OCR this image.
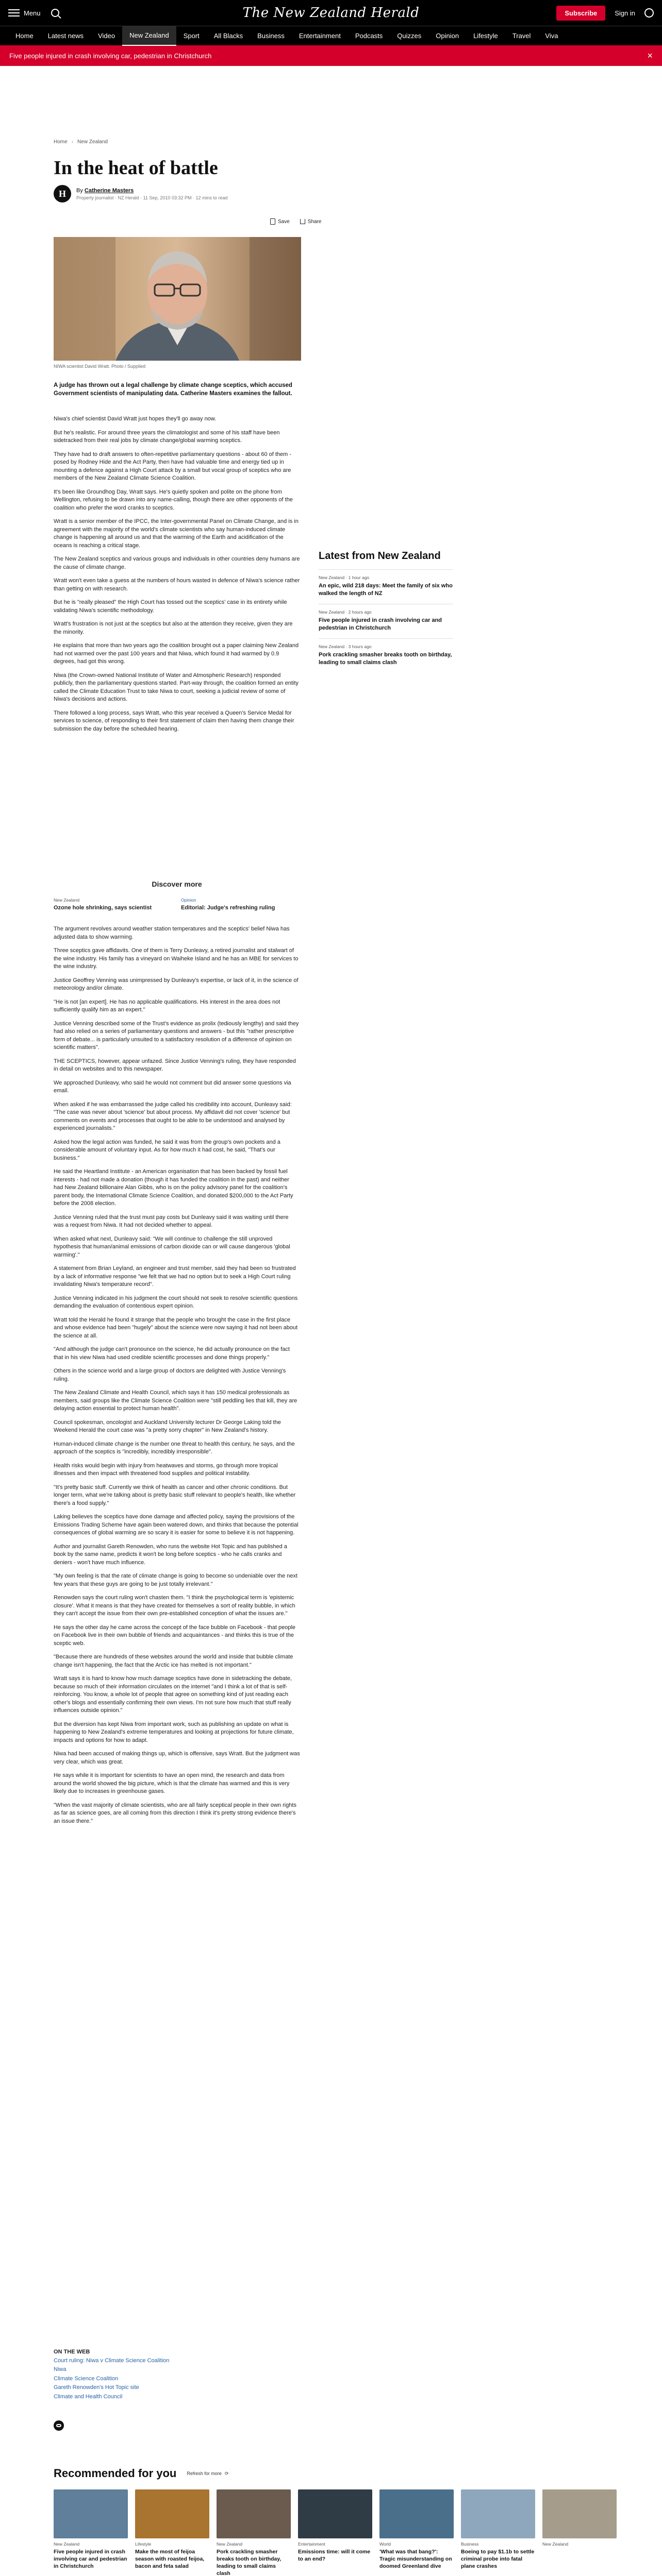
Menu	The New Zealand Herald	Subscribe	Sign in
Home	Latest news	Video	New Zealand	Sport	All Blacks	Business	Entertainment	Podcasts	Quizzes	Opinion	Lifestyle	Travel	Viva
Five people injured in crash involving car, pedestrian in Christchurch	×
Home › New Zealand
In the heat of battle
H	By Catherine Masters
Property journalist · NZ Herald · 11 Sep, 2010 03:32 PM · 12 mins to read
Save	Share
NIWA scientist David Wratt. Photo / Supplied

A judge has thrown out a legal challenge by climate change sceptics, which accused Government scientists of manipulating data. Catherine Masters examines the fallout.

Niwa's chief scientist David Wratt just hopes they'll go away now.

But he's realistic. For around three years the climatologist and some of his staff have been sidetracked from their real jobs by climate change/global warming sceptics.

They have had to draft answers to often-repetitive parliamentary questions - about 60 of them - posed by Rodney Hide and the Act Party, then have had valuable time and energy tied up in mounting a defence against a High Court attack by a small but vocal group of sceptics who are members of the New Zealand Climate Science Coalition.

It's been like Groundhog Day, Wratt says. He's quietly spoken and polite on the phone from Wellington, refusing to be drawn into any name-calling, though there are other opponents of the coalition who prefer the word cranks to sceptics.

Wratt is a senior member of the IPCC, the Inter-governmental Panel on Climate Change, and is in agreement with the majority of the world's climate scientists who say human-induced climate change is happening all around us and that the warming of the Earth and acidification of the oceans is reaching a critical stage.

The New Zealand sceptics and various groups and individuals in other countries deny humans are the cause of climate change.

Wratt won't even take a guess at the numbers of hours wasted in defence of Niwa's science rather than getting on with research.

But he is "really pleased" the High Court has tossed out the sceptics' case in its entirety while validating Niwa's scientific methodology.

Wratt's frustration is not just at the sceptics but also at the attention they receive, given they are the minority.

He explains that more than two years ago the coalition brought out a paper claiming New Zealand had not warmed over the past 100 years and that Niwa, which found it had warmed by 0.9 degrees, had got this wrong.

Niwa (the Crown-owned National Institute of Water and Atmospheric Research) responded publicly, then the parliamentary questions started. Part-way through, the coalition formed an entity called the Climate Education Trust to take Niwa to court, seeking a judicial review of some of Niwa's decisions and actions.

There followed a long process, says Wratt, who this year received a Queen's Service Medal for services to science, of responding to their first statement of claim then having them change their submission the day before the scheduled hearing.

Latest from New Zealand
New Zealand · 1 hour ago

An epic, wild 218 days: Meet the family of six who walked the length of NZ

New Zealand · 2 hours ago

Five people injured in crash involving car and pedestrian in Christchurch

New Zealand · 3 hours ago

Pork crackling smasher breaks tooth on birthday, leading to small claims clash

Discover more
New Zealand

Ozone hole shrinking, says scientist

Opinion

Editorial: Judge's refreshing ruling

The argument revolves around weather station temperatures and the sceptics' belief Niwa has adjusted data to show warming.

Three sceptics gave affidavits. One of them is Terry Dunleavy, a retired journalist and stalwart of the wine industry. His family has a vineyard on Waiheke Island and he has an MBE for services to the wine industry.

Justice Geoffrey Venning was unimpressed by Dunleavy's expertise, or lack of it, in the science of meteorology and/or climate.

"He is not [an expert]. He has no applicable qualifications. His interest in the area does not sufficiently qualify him as an expert."

Justice Venning described some of the Trust's evidence as prolix (tediously lengthy) and said they had also relied on a series of parliamentary questions and answers - but this "rather prescriptive form of debate... is particularly unsuited to a satisfactory resolution of a difference of opinion on scientific matters".

THE SCEPTICS, however, appear unfazed. Since Justice Venning's ruling, they have responded in detail on websites and to this newspaper.

We approached Dunleavy, who said he would not comment but did answer some questions via email.

When asked if he was embarrassed the judge called his credibility into account, Dunleavy said: "The case was never about 'science' but about process. My affidavit did not cover 'science' but comments on events and processes that ought to be able to be understood and analysed by experienced journalists."

Asked how the legal action was funded, he said it was from the group's own pockets and a considerable amount of voluntary input. As for how much it had cost, he said, "That's our business."

He said the Heartland Institute - an American organisation that has been backed by fossil fuel interests - had not made a donation (though it has funded the coalition in the past) and neither had New Zealand billionaire Alan Gibbs, who is on the policy advisory panel for the coalition's parent body, the International Climate Science Coalition, and donated $200,000 to the Act Party before the 2008 election.

Justice Venning ruled that the trust must pay costs but Dunleavy said it was waiting until there was a request from Niwa. It had not decided whether to appeal.

When asked what next, Dunleavy said: "We will continue to challenge the still unproved hypothesis that human/animal emissions of carbon dioxide can or will cause dangerous 'global warming'."

A statement from Brian Leyland, an engineer and trust member, said they had been so frustrated by a lack of informative response "we felt that we had no option but to seek a High Court ruling invalidating Niwa's temperature record".

Justice Venning indicated in his judgment the court should not seek to resolve scientific questions demanding the evaluation of contentious expert opinion.

Wratt told the Herald he found it strange that the people who brought the case in the first place and whose evidence had been "hugely" about the science were now saying it had not been about the science at all.

"And although the judge can't pronounce on the science, he did actually pronounce on the fact that in his view Niwa had used credible scientific processes and done things properly."

Others in the science world and a large group of doctors are delighted with Justice Venning's ruling.

The New Zealand Climate and Health Council, which says it has 150 medical professionals as members, said groups like the Climate Science Coalition were "still peddling lies that kill, they are delaying action essential to protect human health".

Council spokesman, oncologist and Auckland University lecturer Dr George Laking told the Weekend Herald the court case was "a pretty sorry chapter" in New Zealand's history.

Human-induced climate change is the number one threat to health this century, he says, and the approach of the sceptics is "incredibly, incredibly irresponsible".

Health risks would begin with injury from heatwaves and storms, go through more tropical illnesses and then impact with threatened food supplies and political instability.

"It's pretty basic stuff. Currently we think of health as cancer and other chronic conditions. But longer term, what we're talking about is pretty basic stuff relevant to people's health, like whether there's a food supply."

Laking believes the sceptics have done damage and affected policy, saying the provisions of the Emissions Trading Scheme have again been watered down, and thinks that because the potential consequences of global warming are so scary it is easier for some to believe it is not happening.

Author and journalist Gareth Renowden, who runs the website Hot Topic and has published a book by the same name, predicts it won't be long before sceptics - who he calls cranks and deniers - won't have much influence.

"My own feeling is that the rate of climate change is going to become so undeniable over the next few years that these guys are going to be just totally irrelevant."

Renowden says the court ruling won't chasten them. "I think the psychological term is 'epistemic closure'. What it means is that they have created for themselves a sort of reality bubble, in which they can't accept the issue from their own pre-established conception of what the issues are."

He says the other day he came across the concept of the face bubble on Facebook - that people on Facebook live in their own bubble of friends and acquaintances - and thinks this is true of the sceptic web.

"Because there are hundreds of these websites around the world and inside that bubble climate change isn't happening, the fact that the Arctic ice has melted is not important."

Wratt says it is hard to know how much damage sceptics have done in sidetracking the debate, because so much of their information circulates on the internet "and I think a lot of that is self-reinforcing. You know, a whole lot of people that agree on something kind of just reading each other's blogs and essentially confirming their own views. I'm not sure how much that stuff really influences outside opinion."

But the diversion has kept Niwa from important work, such as publishing an update on what is happening to New Zealand's extreme temperatures and looking at projections for future climate, impacts and options for how to adapt.

Niwa had been accused of making things up, which is offensive, says Wratt. But the judgment was very clear, which was great.

He says while it is important for scientists to have an open mind, the research and data from around the world showed the big picture, which is that the climate has warmed and this is very likely due to increases in greenhouse gases.

"When the vast majority of climate scientists, who are all fairly sceptical people in their own rights as far as science goes, are all coming from this direction I think it's pretty strong evidence there's an issue there."

ON THE WEB
Court ruling: Niwa v Climate Science Coalition
Niwa
Climate Science Coalition
Gareth Renowden's Hot Topic site
Climate and Health Council
Recommended for you Refresh for more ⟳
New Zealand

Five people injured in crash involving car and pedestrian in Christchurch

Lifestyle

Make the most of feijoa season with roasted feijoa, bacon and feta salad

New Zealand

Pork crackling smasher breaks tooth on birthday, leading to small claims clash

Entertainment

Emissions time: will it come to an end?

World

'What was that bang?': Tragic misunderstanding on doomed Greenland dive

Business

Boeing to pay $1.1b to settle criminal probe into fatal plane crashes

New Zealand
